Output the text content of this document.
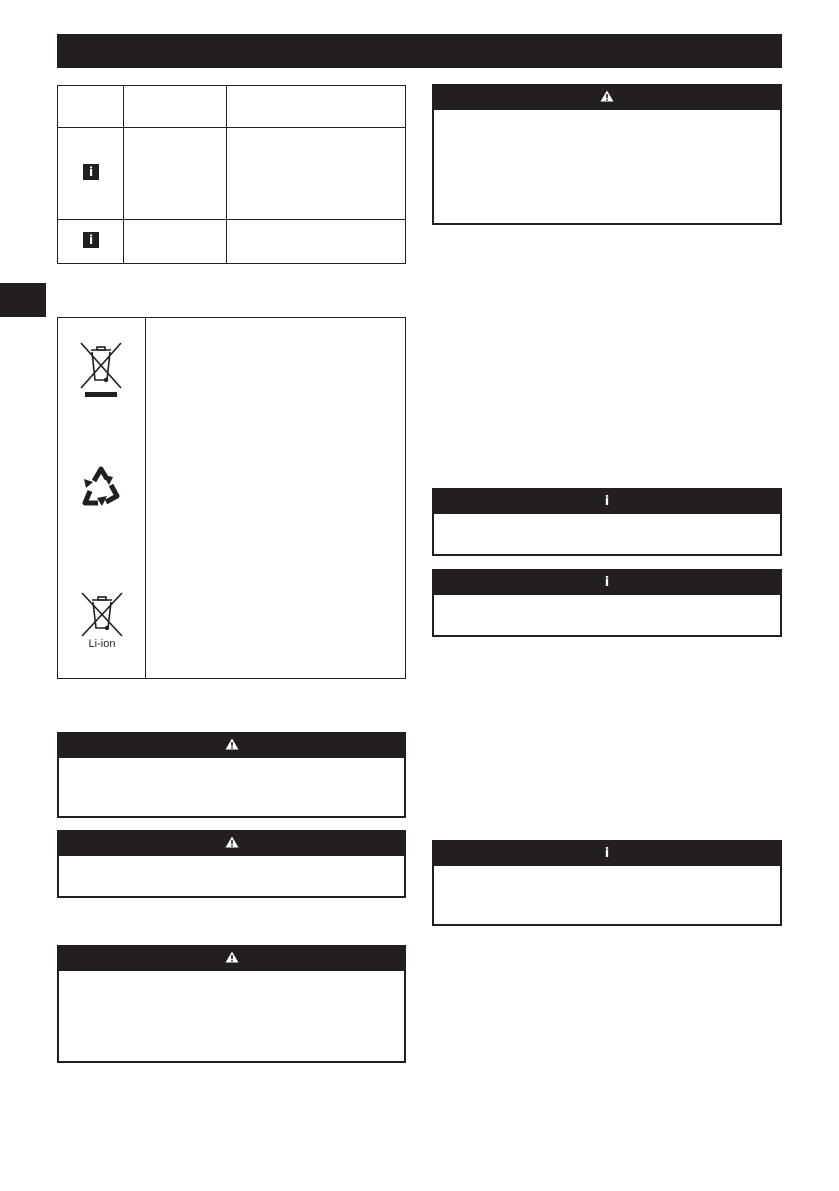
i
i
Li-ion
i
i
i
